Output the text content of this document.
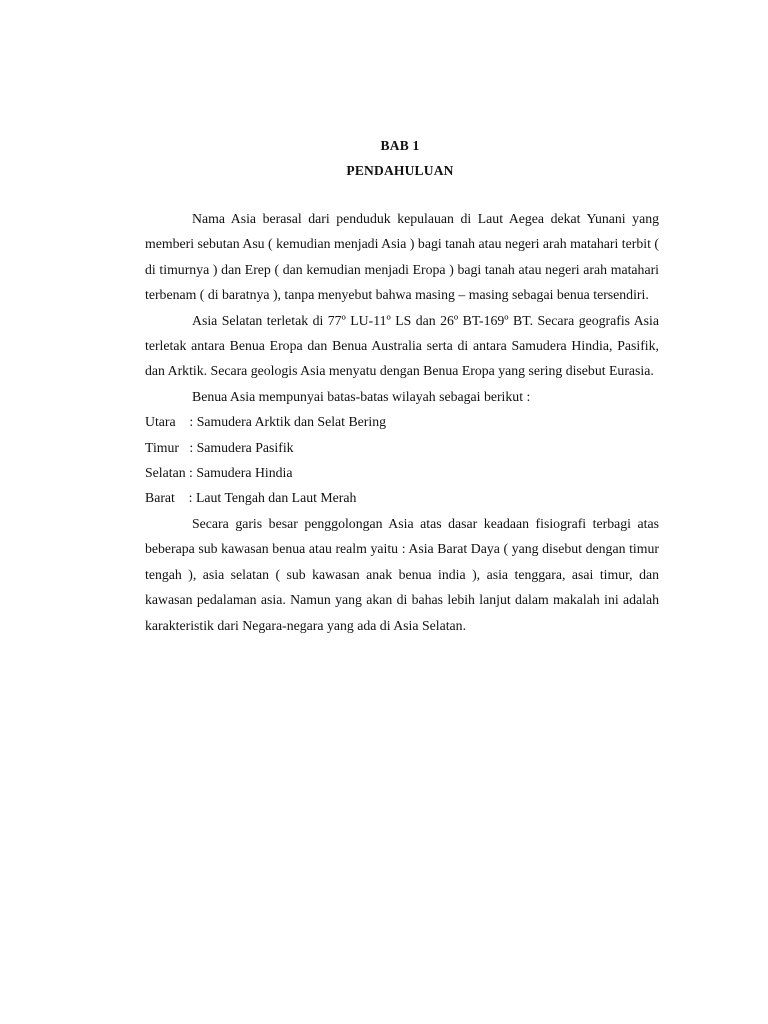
BAB 1
PENDAHULUAN

Nama Asia berasal dari penduduk kepulauan di Laut Aegea dekat Yunani yang memberi sebutan Asu ( kemudian menjadi Asia ) bagi tanah atau negeri arah matahari terbit ( di timurnya ) dan Erep ( dan kemudian menjadi Eropa ) bagi tanah atau negeri arah matahari terbenam ( di baratnya ), tanpa menyebut bahwa masing – masing sebagai benua tersendiri.

Asia Selatan terletak di 77º LU-11º LS dan 26º BT-169º BT. Secara geografis Asia terletak antara Benua Eropa dan Benua Australia serta di antara Samudera Hindia, Pasifik, dan Arktik. Secara geologis Asia menyatu dengan Benua Eropa yang sering disebut Eurasia.

Benua Asia mempunyai batas-batas wilayah sebagai berikut :

Utara    : Samudera Arktik dan Selat Bering

Timur   : Samudera Pasifik

Selatan : Samudera Hindia

Barat    : Laut Tengah dan Laut Merah

Secara garis besar penggolongan Asia atas dasar keadaan fisiografi terbagi atas beberapa sub kawasan benua atau realm yaitu : Asia Barat Daya ( yang disebut dengan timur tengah ), asia selatan ( sub kawasan anak benua india ), asia tenggara, asai timur, dan kawasan pedalaman asia. Namun yang akan di bahas lebih lanjut dalam makalah ini adalah karakteristik dari Negara-negara yang ada di Asia Selatan.
